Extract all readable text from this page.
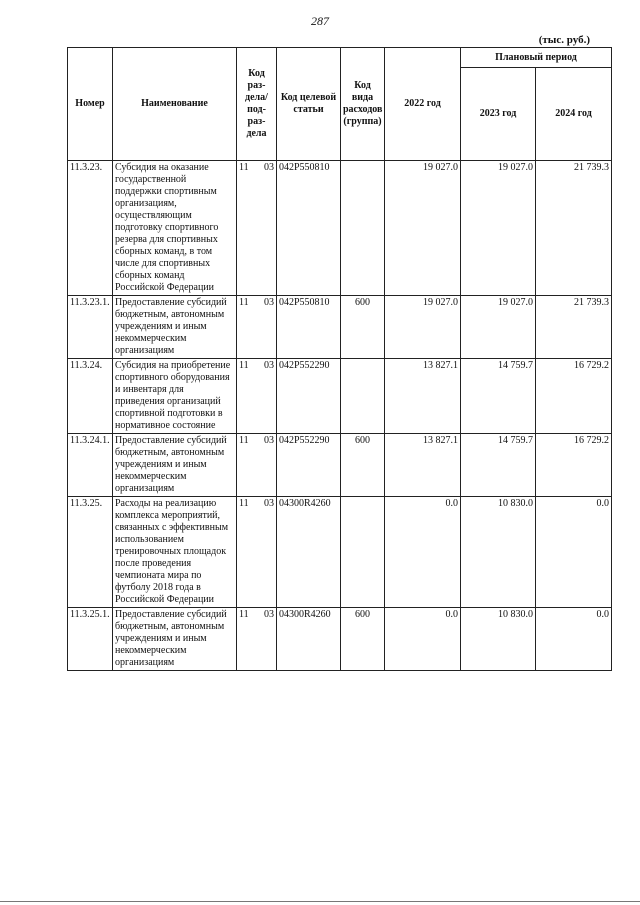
287
(тыс. руб.)
Номер	Наименование	Код раз-дела/ под-раз-дела	Код целевой статьи	Код вида расходов (группа)	2022 год	Плановый период	
						2023 год	2024 год
11.3.23.	Субсидия на оказание государственной поддержки спортивным организациям, осуществляющим подготовку спортивного резерва для спортивных сборных команд, в том числе для спортивных сборных команд Российской Федерации	11 03	042P550810		19 027.0	19 027.0	21 739.3
11.3.23.1.	Предоставление субсидий бюджетным, автономным учреждениям и иным некоммерческим организациям	11 03	042P550810	600	19 027.0	19 027.0	21 739.3
11.3.24.	Субсидия на приобретение спортивного оборудования и инвентаря для приведения организаций спортивной подготовки в нормативное состояние	11 03	042P552290		13 827.1	14 759.7	16 729.2
11.3.24.1.	Предоставление субсидий бюджетным, автономным учреждениям и иным некоммерческим организациям	11 03	042P552290	600	13 827.1	14 759.7	16 729.2
11.3.25.	Расходы на реализацию комплекса мероприятий, связанных с эффективным использованием тренировочных площадок после проведения чемпионата мира по футболу 2018 года в Российской Федерации	11 03	04300R4260		0.0	10 830.0	0.0
11.3.25.1.	Предоставление субсидий бюджетным, автономным учреждениям и иным некоммерческим организациям	11 03	04300R4260	600	0.0	10 830.0	0.0
